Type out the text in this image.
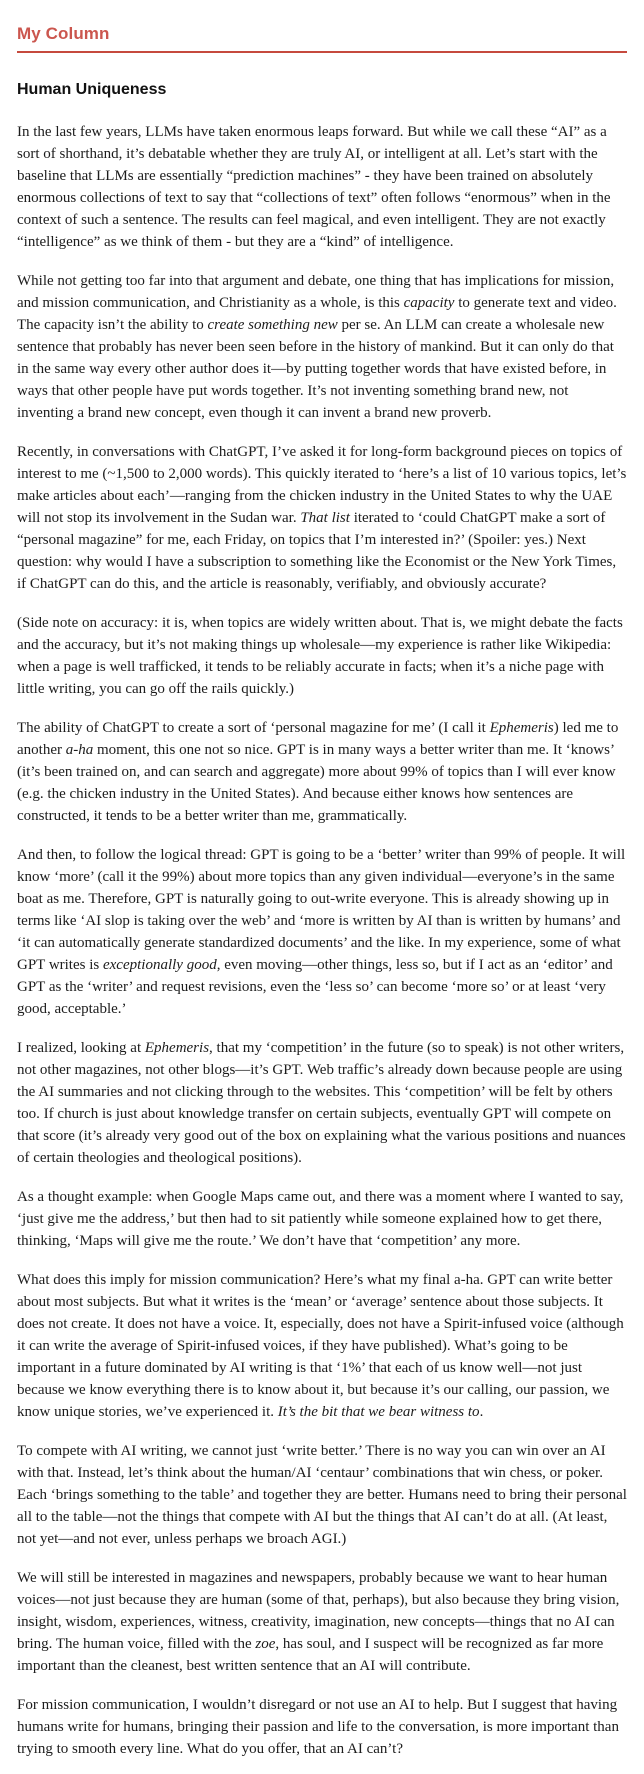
My Column
Human Uniqueness

In the last few years, LLMs have taken enormous leaps forward. But while we call these “AI” as a sort of shorthand, it’s debatable whether they are truly AI, or intelligent at all. Let’s start with the baseline that LLMs are essentially “prediction machines” - they have been trained on absolutely enormous collections of text to say that “collections of text” often follows “enormous” when in the context of such a sentence. The results can feel magical, and even intelligent. They are not exactly “intelligence” as we think of them - but they are a “kind” of intelligence.

While not getting too far into that argument and debate, one thing that has implications for mission, and mission communication, and Christianity as a whole, is this capacity to generate text and video. The capacity isn’t the ability to create something new per se. An LLM can create a wholesale new sentence that probably has never been seen before in the history of mankind. But it can only do that in the same way every other author does it—by putting together words that have existed before, in ways that other people have put words together. It’s not inventing something brand new, not inventing a brand new concept, even though it can invent a brand new proverb.

Recently, in conversations with ChatGPT, I’ve asked it for long-form background pieces on topics of interest to me (~1,500 to 2,000 words). This quickly iterated to ‘here’s a list of 10 various topics, let’s make articles about each’—ranging from the chicken industry in the United States to why the UAE will not stop its involvement in the Sudan war. That list iterated to ‘could ChatGPT make a sort of “personal magazine” for me, each Friday, on topics that I’m interested in?’ (Spoiler: yes.) Next question: why would I have a subscription to something like the Economist or the New York Times, if ChatGPT can do this, and the article is reasonably, verifiably, and obviously accurate?

(Side note on accuracy: it is, when topics are widely written about. That is, we might debate the facts and the accuracy, but it’s not making things up wholesale—my experience is rather like Wikipedia: when a page is well trafficked, it tends to be reliably accurate in facts; when it’s a niche page with little writing, you can go off the rails quickly.)

The ability of ChatGPT to create a sort of ‘personal magazine for me’ (I call it Ephemeris) led me to another a-ha moment, this one not so nice. GPT is in many ways a better writer than me. It ‘knows’ (it’s been trained on, and can search and aggregate) more about 99% of topics than I will ever know (e.g. the chicken industry in the United States). And because either knows how sentences are constructed, it tends to be a better writer than me, grammatically.

And then, to follow the logical thread: GPT is going to be a ‘better’ writer than 99% of people. It will know ‘more’ (call it the 99%) about more topics than any given individual—everyone’s in the same boat as me. Therefore, GPT is naturally going to out-write everyone. This is already showing up in terms like ‘AI slop is taking over the web’ and ‘more is written by AI than is written by humans’ and ‘it can automatically generate standardized documents’ and the like. In my experience, some of what GPT writes is exceptionally good, even moving—other things, less so, but if I act as an ‘editor’ and GPT as the ‘writer’ and request revisions, even the ‘less so’ can become ‘more so’ or at least ‘very good, acceptable.’

I realized, looking at Ephemeris, that my ‘competition’ in the future (so to speak) is not other writers, not other magazines, not other blogs—it’s GPT. Web traffic’s already down because people are using the AI summaries and not clicking through to the websites. This ‘competition’ will be felt by others too. If church is just about knowledge transfer on certain subjects, eventually GPT will compete on that score (it’s already very good out of the box on explaining what the various positions and nuances of certain theologies and theological positions).

As a thought example: when Google Maps came out, and there was a moment where I wanted to say, ‘just give me the address,’ but then had to sit patiently while someone explained how to get there, thinking, ‘Maps will give me the route.’ We don’t have that ‘competition’ any more.

What does this imply for mission communication? Here’s what my final a-ha. GPT can write better about most subjects. But what it writes is the ‘mean’ or ‘average’ sentence about those subjects. It does not create. It does not have a voice. It, especially, does not have a Spirit-infused voice (although it can write the average of Spirit-infused voices, if they have published). What’s going to be important in a future dominated by AI writing is that ‘1%’ that each of us know well—not just because we know everything there is to know about it, but because it’s our calling, our passion, we know unique stories, we’ve experienced it. It’s the bit that we bear witness to.

To compete with AI writing, we cannot just ‘write better.’ There is no way you can win over an AI with that. Instead, let’s think about the human/AI ‘centaur’ combinations that win chess, or poker. Each ‘brings something to the table’ and together they are better. Humans need to bring their personal all to the table—not the things that compete with AI but the things that AI can’t do at all. (At least, not yet—and not ever, unless perhaps we broach AGI.)

We will still be interested in magazines and newspapers, probably because we want to hear human voices—not just because they are human (some of that, perhaps), but also because they bring vision, insight, wisdom, experiences, witness, creativity, imagination, new concepts—things that no AI can bring. The human voice, filled with the zoe, has soul, and I suspect will be recognized as far more important than the cleanest, best written sentence that an AI will contribute.

For mission communication, I wouldn’t disregard or not use an AI to help. But I suggest that having humans write for humans, bringing their passion and life to the conversation, is more important than trying to smooth every line. What do you offer, that an AI can’t?
